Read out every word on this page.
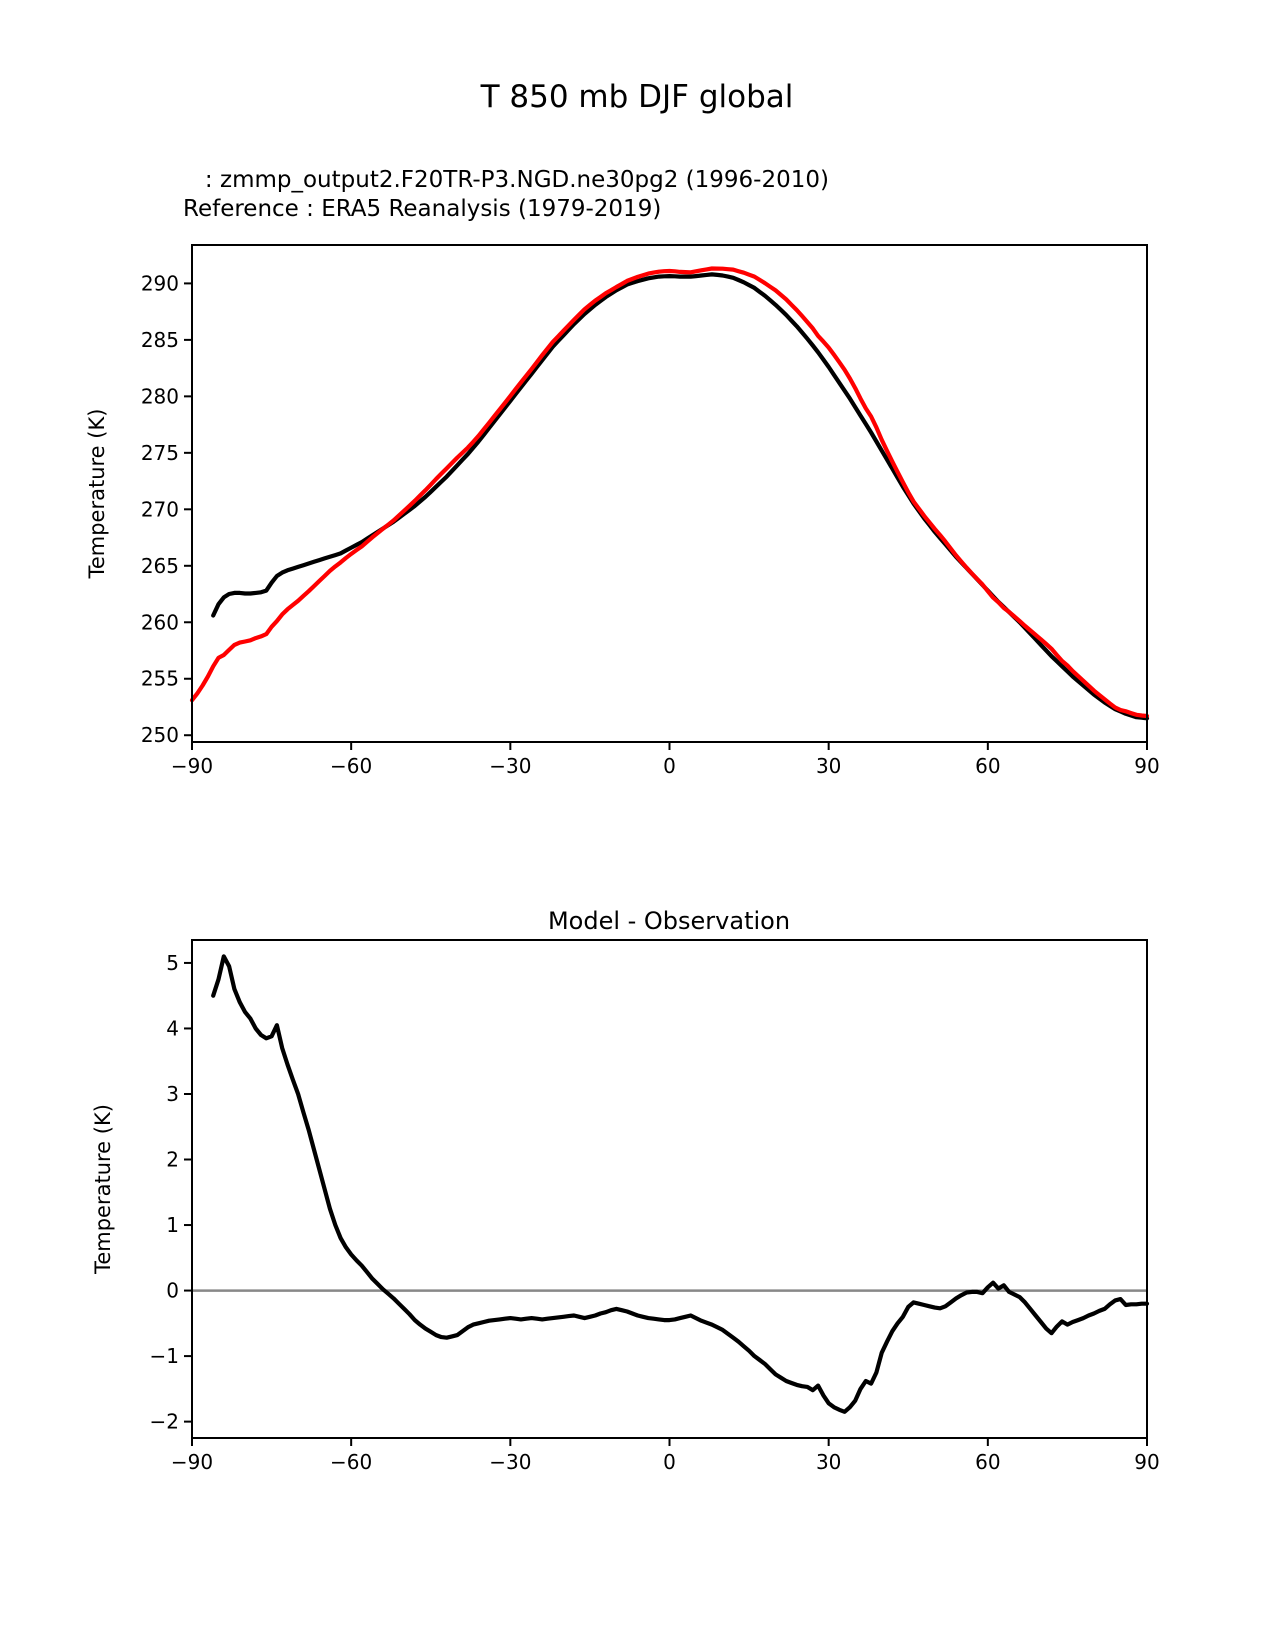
T 850 mb DJF global
: zmmp_output2.F20TR-P3.NGD.ne30pg2 (1996-2010)
Reference : ERA5 Reanalysis (1979-2019)
Temperature (K)
−90	−60	−30	0	30	60	90
250
255
260
265
270
275
280
285
290
Model - Observation
Temperature (K)
−90	−60	−30	0	30	60	90
−2
−1
0
1
2
3
4
5
